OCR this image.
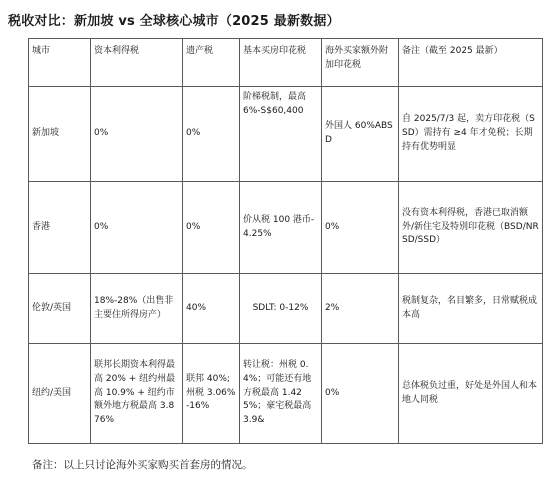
税收对比：新加坡 vs 全球核心城市（2025 最新数据）
城市	资本利得税	遗产税	基本买房印花税	海外买家额外附加印花税	备注（截至 2025 最新）
新加坡	0%	0%	阶梯税制，最高 6%-S$60,400	外国人 60%ABSD	自 2025/7/3 起，卖方印花税（SSD）需持有 ≥4 年才免税；长期持有优势明显
香港	0%	0%	价从税 100 港币-4.25%	0%	没有资本利得税，香港已取消额外/新住宅及特别印花税（BSD/NRSD/SSD）
伦敦/英国	18%-28%（出售非主要住所得房产）	40%	SDLT: 0-12%	2%	税制复杂，名目繁多，日常赋税成本高
纽约/美国	联邦长期资本利得最高 20% + 纽约州最高 10.9% + 纽约市额外地方税最高 3.876%	联邦 40%; 州税 3.06%-16%	转让税：州税 0.4%；可能还有地方税最高 1.425%；豪宅税最高 3.9&	0%	总体税负过重，好处是外国人和本地人同税
备注：以上只讨论海外买家购买首套房的情况。
